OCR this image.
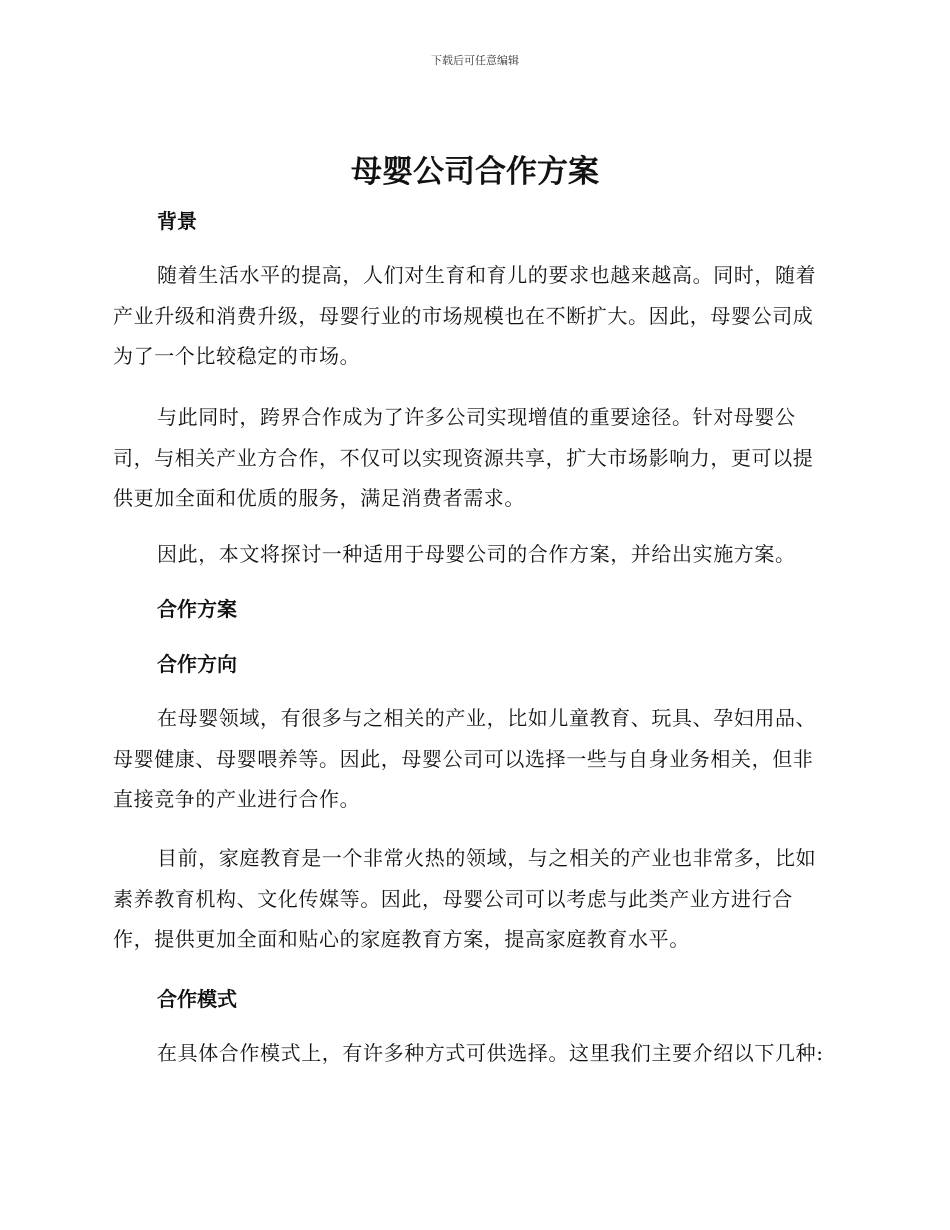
下载后可任意编辑
母婴公司合作方案
背景

随着生活水平的提高，人们对生育和育儿的要求也越来越高。同时，随着产业升级和消费升级，母婴行业的市场规模也在不断扩大。因此，母婴公司成为了一个比较稳定的市场。

与此同时，跨界合作成为了许多公司实现增值的重要途径。针对母婴公司，与相关产业方合作，不仅可以实现资源共享，扩大市场影响力，更可以提供更加全面和优质的服务，满足消费者需求。

因此，本文将探讨一种适用于母婴公司的合作方案，并给出实施方案。

合作方案
合作方向

在母婴领域，有很多与之相关的产业，比如儿童教育、玩具、孕妇用品、母婴健康、母婴喂养等。因此，母婴公司可以选择一些与自身业务相关，但非直接竞争的产业进行合作。

目前，家庭教育是一个非常火热的领域，与之相关的产业也非常多，比如素养教育机构、文化传媒等。因此，母婴公司可以考虑与此类产业方进行合作，提供更加全面和贴心的家庭教育方案，提高家庭教育水平。

合作模式

在具体合作模式上，有许多种方式可供选择。这里我们主要介绍以下几种:
